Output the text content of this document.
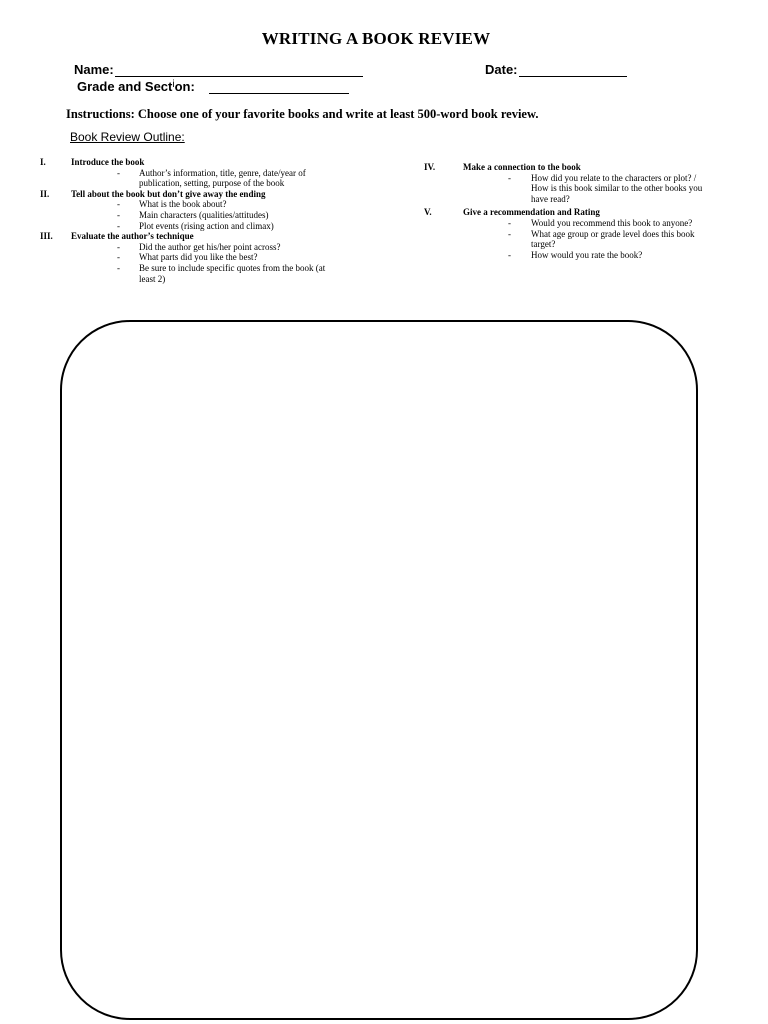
WRITING A BOOK REVIEW
Name:	Date:
Grade and Sect$^i$on:
Instructions: Choose one of your favorite books and write at least 500-word book review.
Book Review Outline:
I.	Introduce the book
- Author’s information, title, genre, date/year of
publication, setting, purpose of the book
II. Tell about the book but don’t give away the ending
- What is the book about?
- Main characters (qualities/attitudes)
- Plot events (rising action and climax)
III. Evaluate the author’s technique
- Did the author get his/her point across?
- What parts did you like the best?
- Be sure to include specific quotes from the book (at
least 2)
IV.	Make a connection to the book
- How did you relate to the characters or plot? /
How is this book similar to the other books you
have read?
V.	Give a recommendation and Rating
- Would you recommend this book to anyone?
- What age group or grade level does this book
target?
- How would you rate the book?
